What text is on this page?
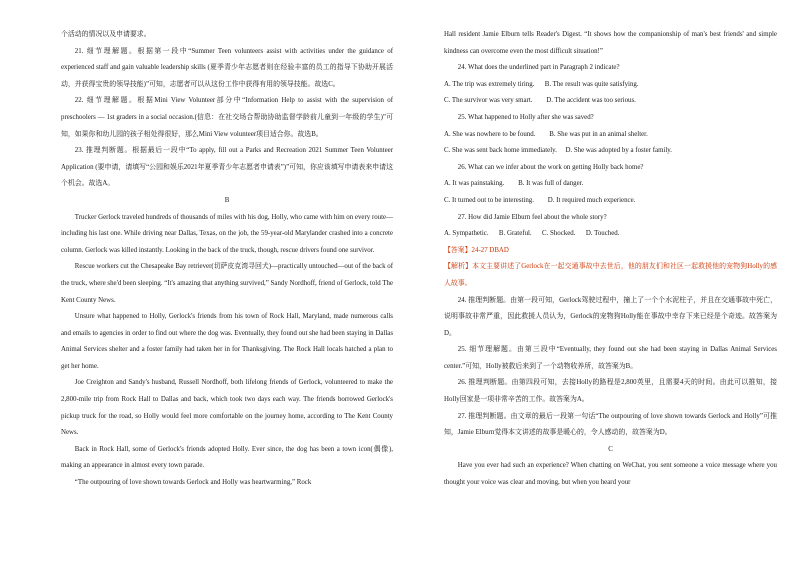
个活动的情况以及申请要求。

21. 细节理解题。根据第一段中“Summer Teen volunteers assist with activities under the guidance of experienced staff and gain valuable leadership skills (夏季青少年志愿者则在经验丰富的员工的指导下协助开展活动，并获得宝贵的领导技能)”可知，志愿者可以从这份工作中获得有用的领导技能。故选C。

22. 细节理解题。根据Mini View Volunteer部分中“Information Help to assist with the supervision of preschoolers — 1st graders in a social occasion.(信息：在社交场合帮助协助监督学龄前儿童到一年级的学生)”可知，如果你和幼儿园的孩子相处得很好，那么Mini View volunteer项目适合你。故选B。

23. 推理判断题。根据最后一段中“To apply, fill out a Parks and Recreation 2021 Summer Teen Volunteer Application (要申请，请填写“公园和娱乐2021年夏季青少年志愿者申请表”)”可知，你应该填写申请表来申请这个机会。故选A。

B

Trucker Gerlock traveled hundreds of thousands of miles with his dog, Holly, who came with him on every route—including his last one. While driving near Dallas, Texas, on the job, the 59-year-old Marylander crashed into a concrete column. Gerlock was killed instantly. Looking in the back of the truck, though, rescue drivers found one survivor.

Rescue workers cut the Chesapeake Bay retriever(切萨皮克湾寻回犬)—practically untouched—out of the back of the truck, where she'd been sleeping. “It's amazing that anything survived,” Sandy Nordhoff, friend of Gerlock, told The Kent County News.

Unsure what happened to Holly, Gerlock's friends from his town of Rock Hall, Maryland, made numerous calls and emails to agencies in order to find out where the dog was. Eventually, they found out she had been staying in Dallas Animal Services shelter and a foster family had taken her in for Thanksgiving. The Rock Hall locals hatched a plan to get her home.

Joe Creighton and Sandy's husband, Russell Nordhoff, both lifelong friends of Gerlock, volunteered to make the 2,800-mile trip from Rock Hall to Dallas and back, which took two days each way. The friends borrowed Gerlock's pickup truck for the road, so Holly would feel more comfortable on the journey home, according to The Kent County News.

Back in Rock Hall, some of Gerlock's friends adopted Holly. Ever since, the dog has been a town icon(偶像), making an appearance in almost every town parade.

“The outpouring of love shown towards Gerlock and Holly was heartwarming,” Rock

Hall resident Jamie Elburn tells Reader's Digest. “It shows how the companionship of man's best friends' and simple kindness can overcome even the most difficult situation!”

24. What does the underlined part in Paragraph 2 indicate?

A. The trip was extremely tiring.      B. The result was quite satisfying.

C. The survivor was very smart.        D. The accident was too serious.

25. What happened to Holly after she was saved?

A. She was nowhere to be found.        B. She was put in an animal shelter.

C. She was sent back home immediately.     D. She was adopted by a foster family.

26. What can we infer about the work on getting Holly back home?

A. It was painstaking.        B. It was full of danger.

C. It turned out to be interesting.        D. It required much experience.

27. How did Jamie Elburn feel about the whole story?

A. Sympathetic.      B. Grateful.      C. Shocked.      D. Touched.

【答案】24-27 DBAD

【解析】本文主要讲述了Gerlock在一起交通事故中去世后，他的朋友们和社区一起救援他的宠物狗Holly的感人故事。

24. 推理判断题。由第一段可知，Gerlock驾驶过程中，撞上了一个个水泥柱子，并且在交通事故中死亡，说明事故非常严重，因此救援人员认为，Gerlock的宠物狗Holly能在事故中幸存下来已经是个奇迹。故答案为D。

25. 细节理解题。由第三段中“Eventually, they found out she had been staying in Dallas Animal Services center.”可知，Holly被救后来到了一个动物收养所，故答案为B。

26. 推理判断题。由第四段可知，去接Holly的路程是2,800英里，且需要4天的时间。由此可以推知，接Holly回家是一项非常辛苦的工作。故答案为A。

27. 推理判断题。由文章的最后一段第一句话“The outpouring of love shown towards Gerlock and Holly”可推知，Jamie Elburn觉得本文讲述的故事是暖心的，令人感动的，故答案为D。

C

Have you ever had such an experience? When chatting on WeChat, you sent someone a voice message where you thought your voice was clear and moving, but when you heard your
